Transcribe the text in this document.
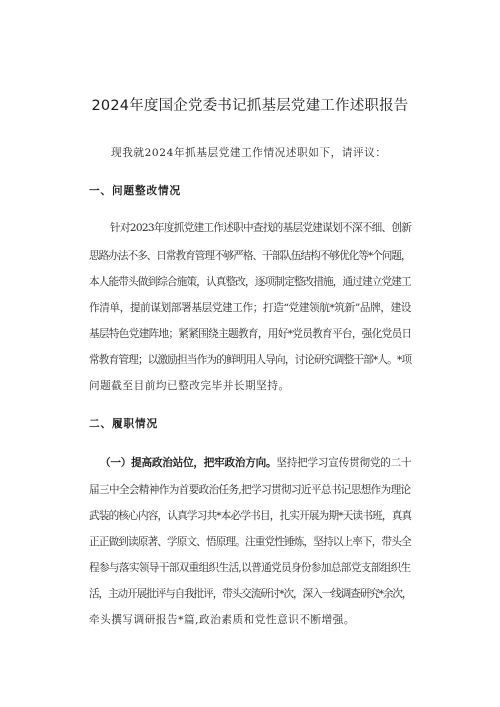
2024年度国企党委书记抓基层党建工作述职报告
现我就2024年抓基层党建工作情况述职如下，请评议：
一、问题整改情况
针对2023年度抓党建工作述职中查找的基层党建谋划不深不细、创新
思路办法不多、日常教育管理不够严格、干部队伍结构不够优化等*个问题，
本人能带头做到综合施策，认真整改，逐项制定整改措施，通过建立党建工
作清单，提前谋划部署基层党建工作；打造“党建领航*筑新”品牌，建设
基层特色党建阵地；紧紧围绕主题教育，用好*党员教育平台，强化党员日
常教育管理；以激励担当作为的鲜明用人导向，讨论研究调整干部*人。*项
问题截至目前均已整改完毕并长期坚持。
二、履职情况
（一）提高政治站位，把牢政治方向。坚持把学习宣传贯彻党的二十
届三中全会精神作为首要政治任务,把学习贯彻习近平总书记思想作为理论
武装的核心内容，认真学习共*本必学书目，扎实开展为期*天读书班，真真
正正做到读原著、学原文、悟原理。注重党性锤炼，坚持以上率下，带头全
程参与落实领导干部双重组织生活,以普通党员身份参加总部党支部组织生
活，主动开展批评与自我批评，带头交流研讨*次，深入一线调查研究*余次，
牵头撰写调研报告*篇,政治素质和党性意识不断增强。
